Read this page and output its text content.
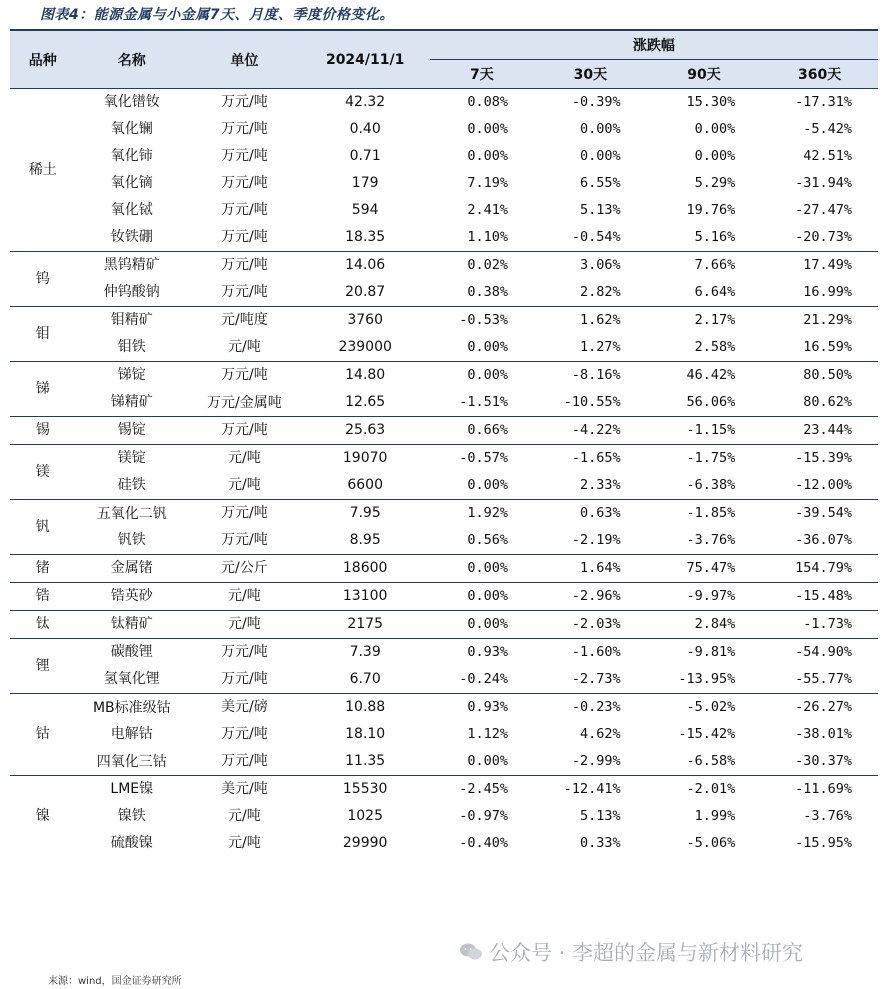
图表4：能源金属与小金属7天、月度、季度价格变化。
品种	名称	单位	2024/11/1	涨跌幅			
				7天	30天	90天	360天
稀土	氧化镨钕	万元/吨	42.32	0.08%	-0.39%	15.30%	-17.31%
	氧化镧	万元/吨	0.40	0.00%	0.00%	0.00%	-5.42%
	氧化铈	万元/吨	0.71	0.00%	0.00%	0.00%	42.51%
	氧化镝	万元/吨	179	7.19%	6.55%	5.29%	-31.94%
	氧化铽	万元/吨	594	2.41%	5.13%	19.76%	-27.47%
	钕铁硼	万元/吨	18.35	1.10%	-0.54%	5.16%	-20.73%
钨	黑钨精矿	万元/吨	14.06	0.02%	3.06%	7.66%	17.49%
	仲钨酸钠	万元/吨	20.87	0.38%	2.82%	6.64%	16.99%
钼	钼精矿	元/吨度	3760	-0.53%	1.62%	2.17%	21.29%
	钼铁	元/吨	239000	0.00%	1.27%	2.58%	16.59%
锑	锑锭	万元/吨	14.80	0.00%	-8.16%	46.42%	80.50%
	锑精矿	万元/金属吨	12.65	-1.51%	-10.55%	56.06%	80.62%
锡	锡锭	万元/吨	25.63	0.66%	-4.22%	-1.15%	23.44%
镁	镁锭	元/吨	19070	-0.57%	-1.65%	-1.75%	-15.39%
	硅铁	元/吨	6600	0.00%	2.33%	-6.38%	-12.00%
钒	五氧化二钒	万元/吨	7.95	1.92%	0.63%	-1.85%	-39.54%
	钒铁	万元/吨	8.95	0.56%	-2.19%	-3.76%	-36.07%
锗	金属锗	元/公斤	18600	0.00%	1.64%	75.47%	154.79%
锆	锆英砂	元/吨	13100	0.00%	-2.96%	-9.97%	-15.48%
钛	钛精矿	元/吨	2175	0.00%	-2.03%	2.84%	-1.73%
锂	碳酸锂	万元/吨	7.39	0.93%	-1.60%	-9.81%	-54.90%
	氢氧化锂	万元/吨	6.70	-0.24%	-2.73%	-13.95%	-55.77%
钴	MB标准级钴	美元/磅	10.88	0.93%	-0.23%	-5.02%	-26.27%
	电解钴	万元/吨	18.10	1.12%	4.62%	-15.42%	-38.01%
	四氧化三钴	万元/吨	11.35	0.00%	-2.99%	-6.58%	-30.37%
镍	LME镍	美元/吨	15530	-2.45%	-12.41%	-2.01%	-11.69%
	镍铁	元/吨	1025	-0.97%	5.13%	1.99%	-3.76%
	硫酸镍	元/吨	29990	-0.40%	0.33%	-5.06%	-15.95%
公众号 · 李超的金属与新材料研究
来源：wind，国金证券研究所
